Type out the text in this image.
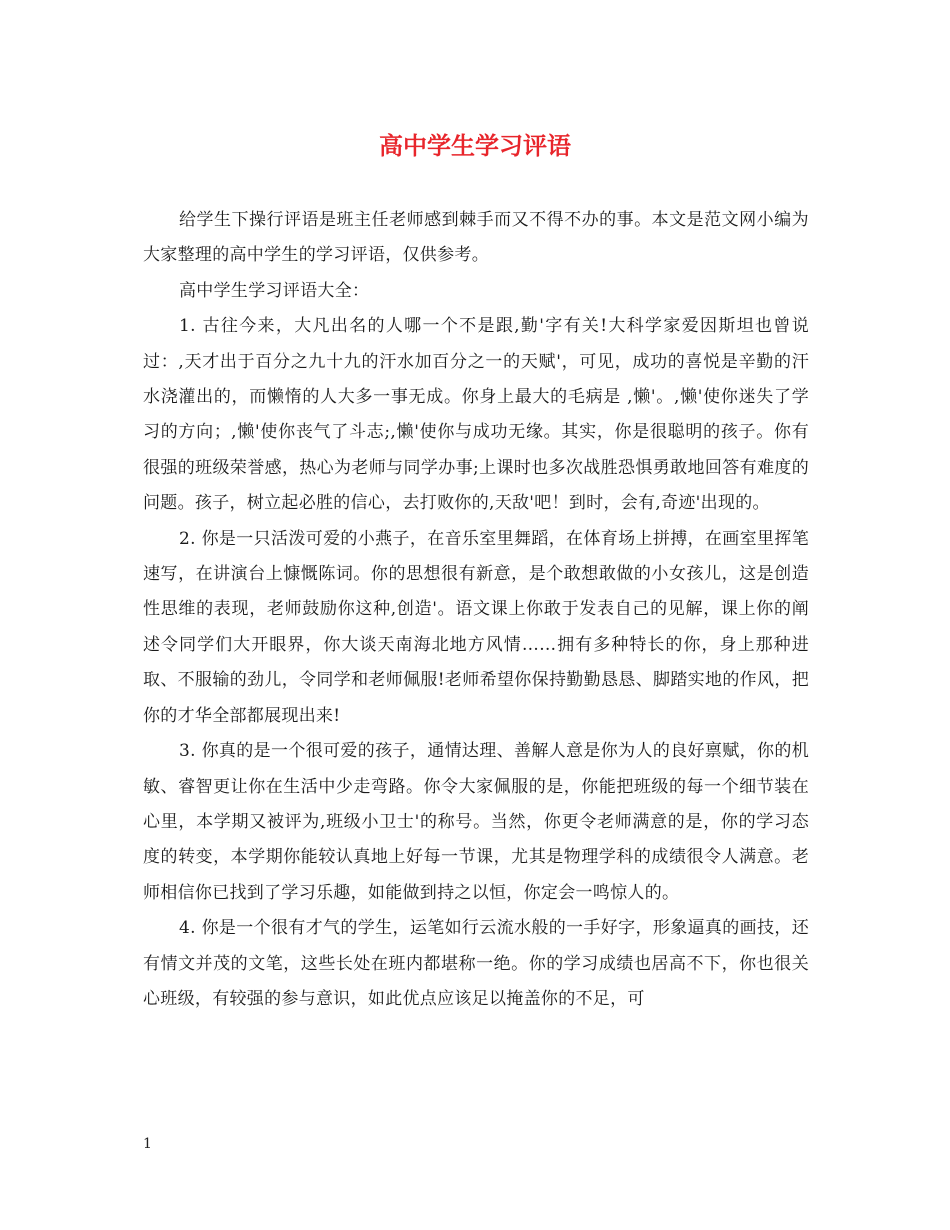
高中学生学习评语

给学生下操行评语是班主任老师感到棘手而又不得不办的事。本文是范文网小编为大家整理的高中学生的学习评语，仅供参考。

高中学生学习评语大全：

1. 古往今来，大凡出名的人哪一个不是跟,勤'字有关!大科学家爱因斯坦也曾说过：,天才出于百分之九十九的汗水加百分之一的天赋'，可见，成功的喜悦是辛勤的汗水浇灌出的，而懒惰的人大多一事无成。你身上最大的毛病是 ,懒'。,懒'使你迷失了学习的方向；,懒'使你丧气了斗志;,懒'使你与成功无缘。其实，你是很聪明的孩子。你有很强的班级荣誉感，热心为老师与同学办事;上课时也多次战胜恐惧勇敢地回答有难度的问题。孩子，树立起必胜的信心，去打败你的,天敌'吧！到时，会有,奇迹'出现的。

2. 你是一只活泼可爱的小燕子，在音乐室里舞蹈，在体育场上拼搏，在画室里挥笔速写，在讲演台上慷慨陈词。你的思想很有新意，是个敢想敢做的小女孩儿，这是创造性思维的表现，老师鼓励你这种,创造'。语文课上你敢于发表自己的见解，课上你的阐述令同学们大开眼界，你大谈天南海北地方风情……拥有多种特长的你，身上那种进取、不服输的劲儿，令同学和老师佩服!老师希望你保持勤勤恳恳、脚踏实地的作风，把你的才华全部都展现出来!

3. 你真的是一个很可爱的孩子，通情达理、善解人意是你为人的良好禀赋，你的机敏、睿智更让你在生活中少走弯路。你令大家佩服的是，你能把班级的每一个细节装在心里，本学期又被评为,班级小卫士'的称号。当然，你更令老师满意的是，你的学习态度的转变，本学期你能较认真地上好每一节课，尤其是物理学科的成绩很令人满意。老师相信你已找到了学习乐趣，如能做到持之以恒，你定会一鸣惊人的。

4. 你是一个很有才气的学生，运笔如行云流水般的一手好字，形象逼真的画技，还有情文并茂的文笔，这些长处在班内都堪称一绝。你的学习成绩也居高不下，你也很关心班级，有较强的参与意识，如此优点应该足以掩盖你的不足，可

1
